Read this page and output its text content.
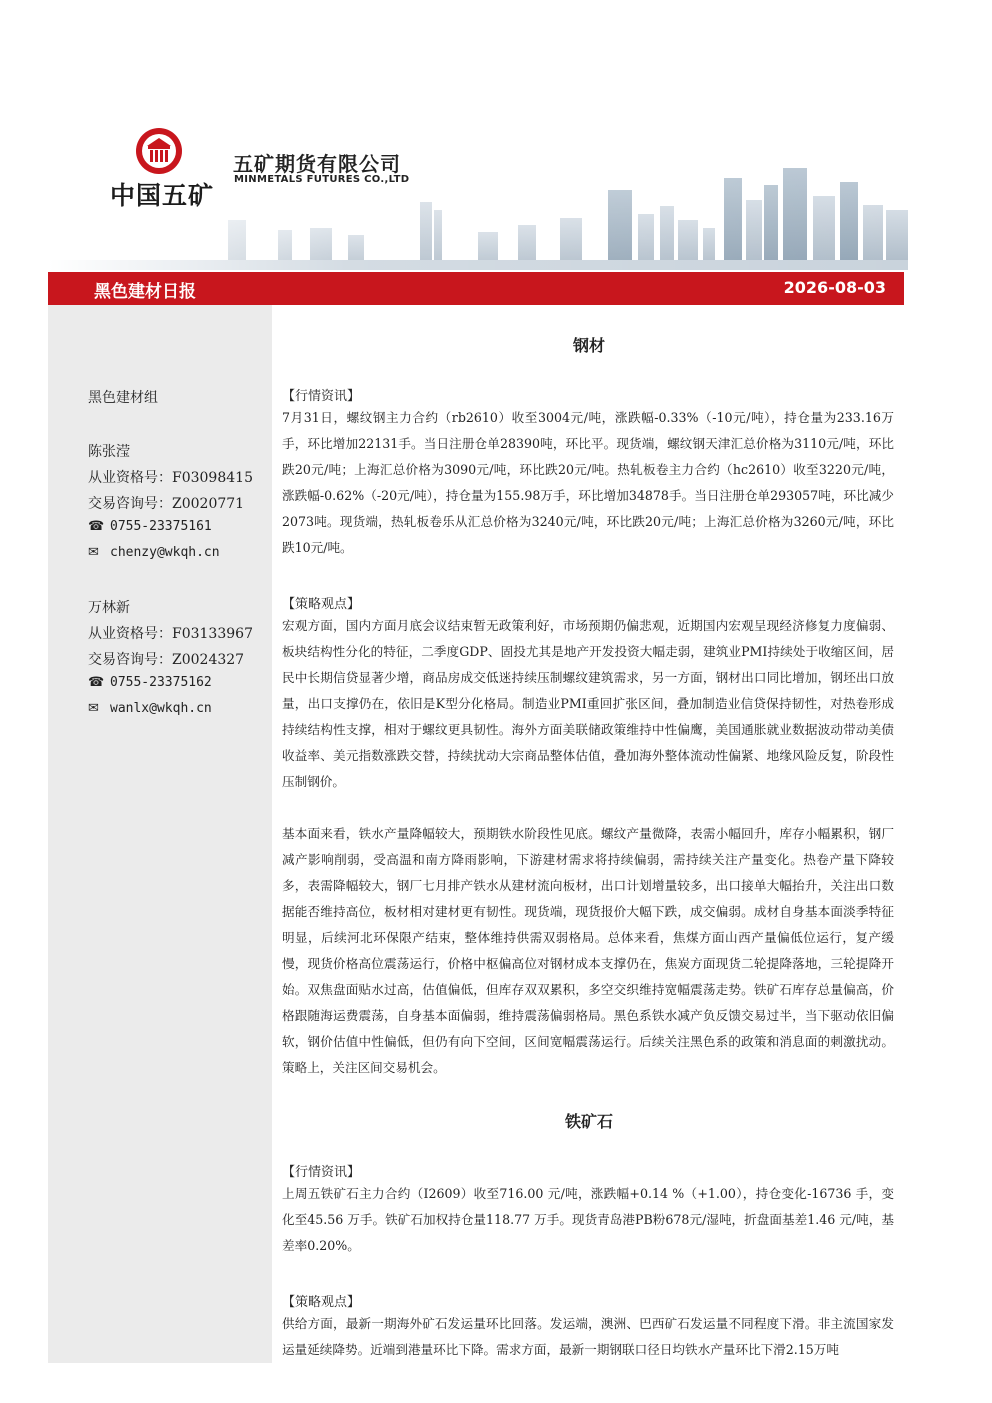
中国五矿
五矿期货有限公司
MINMETALS FUTURES CO.,LTD
黑色建材日报	2026-08-03
黑色建材组
陈张滢
从业资格号：F03098415
交易咨询号：Z0020771
☎ 0755-23375161
✉ chenzy@wkqh.cn
万林新
从业资格号：F03133967
交易咨询号：Z0024327
☎ 0755-23375162
✉ wanlx@wkqh.cn
钢材
【行情资讯】

7月31日，螺纹钢主力合约（rb2610）收至3004元/吨，涨跌幅-0.33%（-10元/吨），持仓量为233.16万手，环比增加22131手。当日注册仓单28390吨，环比平。现货端，螺纹钢天津汇总价格为3110元/吨，环比跌20元/吨；上海汇总价格为3090元/吨，环比跌20元/吨。热轧板卷主力合约（hc2610）收至3220元/吨，涨跌幅-0.62%（-20元/吨），持仓量为155.98万手，环比增加34878手。当日注册仓单293057吨，环比减少2073吨。现货端，热轧板卷乐从汇总价格为3240元/吨，环比跌20元/吨；上海汇总价格为3260元/吨，环比跌10元/吨。

【策略观点】

宏观方面，国内方面月底会议结束暂无政策利好，市场预期仍偏悲观，近期国内宏观呈现经济修复力度偏弱、板块结构性分化的特征，二季度GDP、固投尤其是地产开发投资大幅走弱，建筑业PMI持续处于收缩区间，居民中长期信贷显著少增，商品房成交低迷持续压制螺纹建筑需求，另一方面，钢材出口同比增加，钢坯出口放量，出口支撑仍在，依旧是K型分化格局。制造业PMI重回扩张区间，叠加制造业信贷保持韧性，对热卷形成持续结构性支撑，相对于螺纹更具韧性。海外方面美联储政策维持中性偏鹰，美国通胀就业数据波动带动美债收益率、美元指数涨跌交替，持续扰动大宗商品整体估值，叠加海外整体流动性偏紧、地缘风险反复，阶段性压制钢价。

基本面来看，铁水产量降幅较大，预期铁水阶段性见底。螺纹产量微降，表需小幅回升，库存小幅累积，钢厂减产影响削弱，受高温和南方降雨影响，下游建材需求将持续偏弱，需持续关注产量变化。热卷产量下降较多，表需降幅较大，钢厂七月排产铁水从建材流向板材，出口计划增量较多，出口接单大幅抬升，关注出口数据能否维持高位，板材相对建材更有韧性。现货端，现货报价大幅下跌，成交偏弱。成材自身基本面淡季特征明显，后续河北环保限产结束，整体维持供需双弱格局。总体来看，焦煤方面山西产量偏低位运行，复产缓慢，现货价格高位震荡运行，价格中枢偏高位对钢材成本支撑仍在，焦炭方面现货二轮提降落地，三轮提降开始。双焦盘面贴水过高，估值偏低，但库存双双累积，多空交织维持宽幅震荡走势。铁矿石库存总量偏高，价格跟随海运费震荡，自身基本面偏弱，维持震荡偏弱格局。黑色系铁水减产负反馈交易过半，当下驱动依旧偏软，钢价估值中性偏低，但仍有向下空间，区间宽幅震荡运行。后续关注黑色系的政策和消息面的刺激扰动。策略上，关注区间交易机会。

铁矿石
【行情资讯】

上周五铁矿石主力合约（I2609）收至716.00 元/吨，涨跌幅+0.14 %（+1.00），持仓变化-16736 手，变化至45.56 万手。铁矿石加权持仓量118.77 万手。现货青岛港PB粉678元/湿吨，折盘面基差1.46 元/吨，基差率0.20%。

【策略观点】

供给方面，最新一期海外矿石发运量环比回落。发运端，澳洲、巴西矿石发运量不同程度下滑。非主流国家发运量延续降势。近端到港量环比下降。需求方面，最新一期钢联口径日均铁水产量环比下滑2.15万吨
